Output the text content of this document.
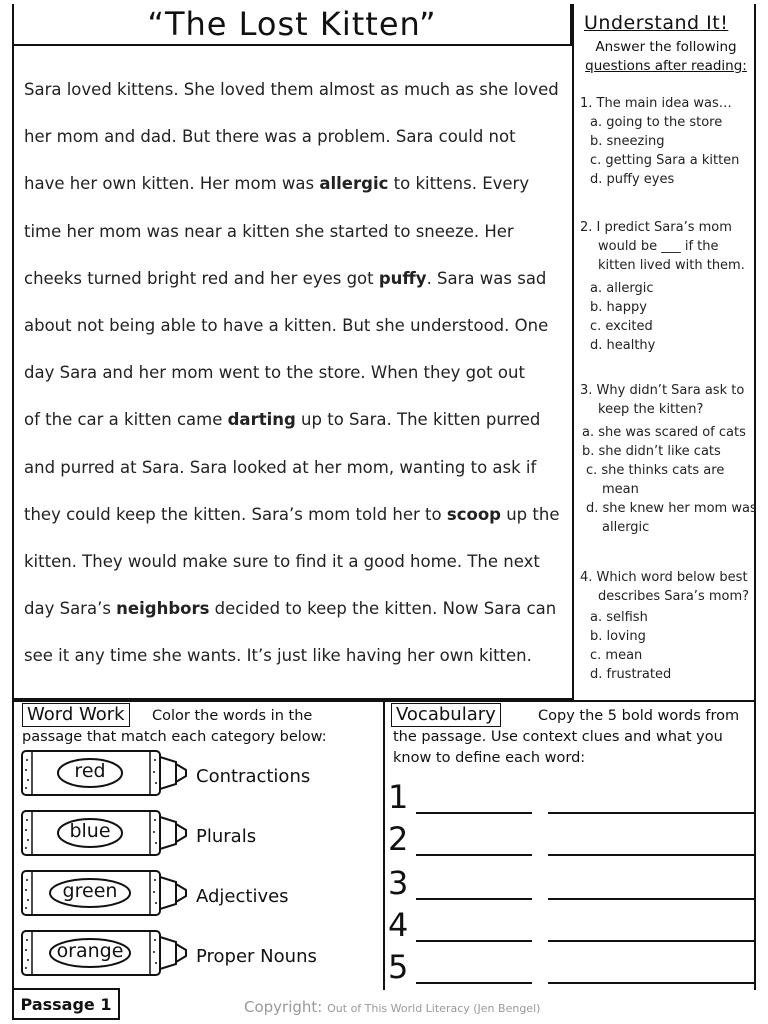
“The Lost Kitten”

Sara loved kittens. She loved them almost as much as she loved

her mom and dad. But there was a problem. Sara could not

have her own kitten. Her mom was allergic to kittens. Every

time her mom was near a kitten she started to sneeze. Her

cheeks turned bright red and her eyes got puffy. Sara was sad

about not being able to have a kitten. But she understood. One

day Sara and her mom went to the store. When they got out

of the car a kitten came darting up to Sara. The kitten purred

and purred at Sara. Sara looked at her mom, wanting to ask if

they could keep the kitten. Sara’s mom told her to scoop up the

kitten. They would make sure to find it a good home. The next

day Sara’s neighbors decided to keep the kitten. Now Sara can

see it any time she wants. It’s just like having her own kitten.

Understand It!
Answer the following
questions after reading:
1. The main idea was…
a. going to the store
b. sneezing
c. getting Sara a kitten
d. puffy eyes
2. I predict Sara’s mom would be ___ if the kitten lived with them.
a. allergic
b. happy
c. excited
d. healthy
3. Why didn’t Sara ask to keep the kitten?
a. she was scared of cats
b. she didn’t like cats
c. she thinks cats are mean
d. she knew her mom was allergic
4. Which word below best describes Sara’s mom?
a. selfish
b. loving
c. mean
d. frustrated
Color the words in the passage that match each category below:
Word Work
red	Contractions
blue	Plurals
green	Adjectives
orange	Proper Nouns
Copy the 5 bold words from the passage. Use context clues and what you know to define each word:
Vocabulary
1
2
3
4
5
Passage 1	Copyright: Out of This World Literacy (Jen Bengel)
